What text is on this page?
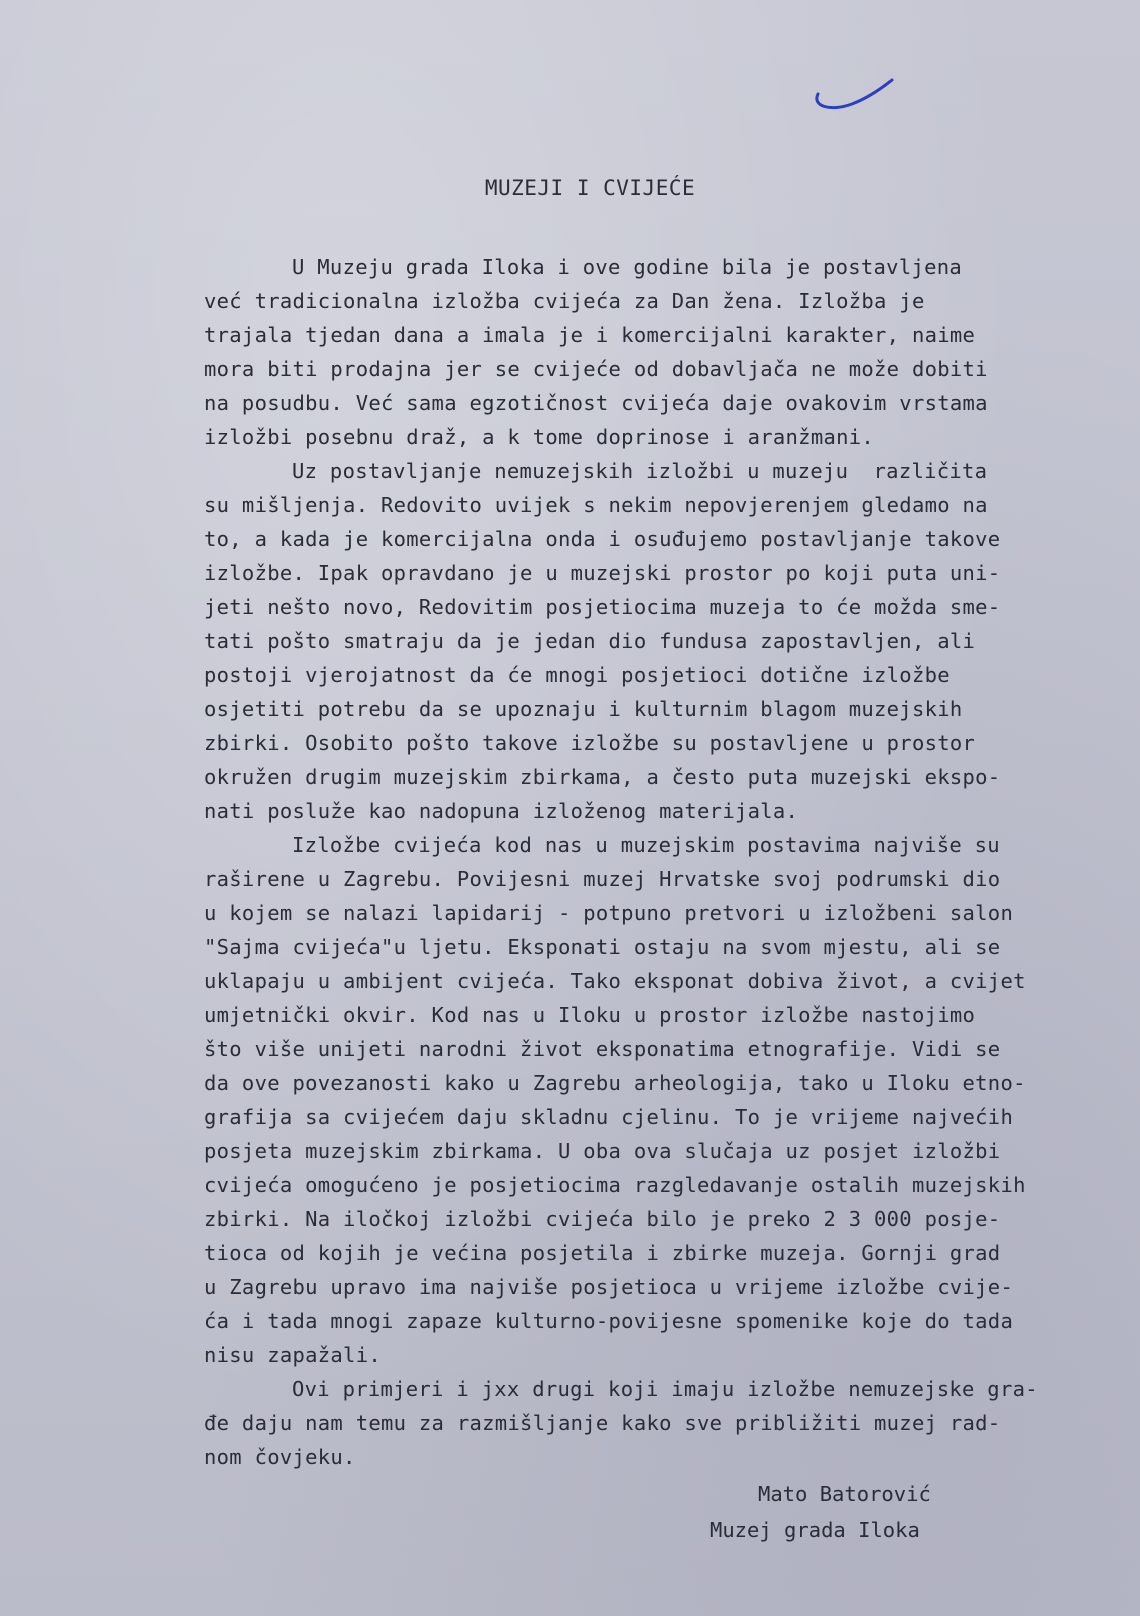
MUZEJI I CVIJEĆE
U Muzeju grada Iloka i ove godine bila je postavljena
već tradicionalna izložba cvijeća za Dan žena. Izložba je
trajala tjedan dana a imala je i komercijalni karakter, naime
mora biti prodajna jer se cvijeće od dobavljača ne može dobiti
na posudbu. Već sama egzotičnost cvijeća daje ovakovim vrstama
izložbi posebnu draž, a k tome doprinose i aranžmani.
Uz postavljanje nemuzejskih izložbi u muzeju  različita
su mišljenja. Redovito uvijek s nekim nepovjerenjem gledamo na
to, a kada je komercijalna onda i osuđujemo postavljanje takove
izložbe. Ipak opravdano je u muzejski prostor po koji puta uni-
jeti nešto novo, Redovitim posjetiocima muzeja to će možda sme-
tati pošto smatraju da je jedan dio fundusa zapostavljen, ali
postoji vjerojatnost da će mnogi posjetioci dotične izložbe
osjetiti potrebu da se upoznaju i kulturnim blagom muzejskih
zbirki. Osobito pošto takove izložbe su postavljene u prostor
okružen drugim muzejskim zbirkama, a često puta muzejski ekspo-
nati posluže kao nadopuna izloženog materijala.
Izložbe cvijeća kod nas u muzejskim postavima najviše su
raširene u Zagrebu. Povijesni muzej Hrvatske svoj podrumski dio
u kojem se nalazi lapidarij - potpuno pretvori u izložbeni salon
"Sajma cvijeća"u ljetu. Eksponati ostaju na svom mjestu, ali se
uklapaju u ambijent cvijeća. Tako eksponat dobiva život, a cvijet
umjetnički okvir. Kod nas u Iloku u prostor izložbe nastojimo
što više unijeti narodni život eksponatima etnografije. Vidi se
da ove povezanosti kako u Zagrebu arheologija, tako u Iloku etno-
grafija sa cvijećem daju skladnu cjelinu. To je vrijeme najvećih
posjeta muzejskim zbirkama. U oba ova slučaja uz posjet izložbi
cvijeća omogućeno je posjetiocima razgledavanje ostalih muzejskih
zbirki. Na iločkoj izložbi cvijeća bilo je preko 2 3 000 posje-
tioca od kojih je većina posjetila i zbirke muzeja. Gornji grad
u Zagrebu upravo ima najviše posjetioca u vrijeme izložbe cvije-
ća i tada mnogi zapaze kulturno-povijesne spomenike koje do tada
nisu zapažali.
Ovi primjeri i jxx drugi koji imaju izložbe nemuzejske gra-
đe daju nam temu za razmišljanje kako sve približiti muzej rad-
nom čovjeku.
Mato Batorović
Muzej grada Iloka
